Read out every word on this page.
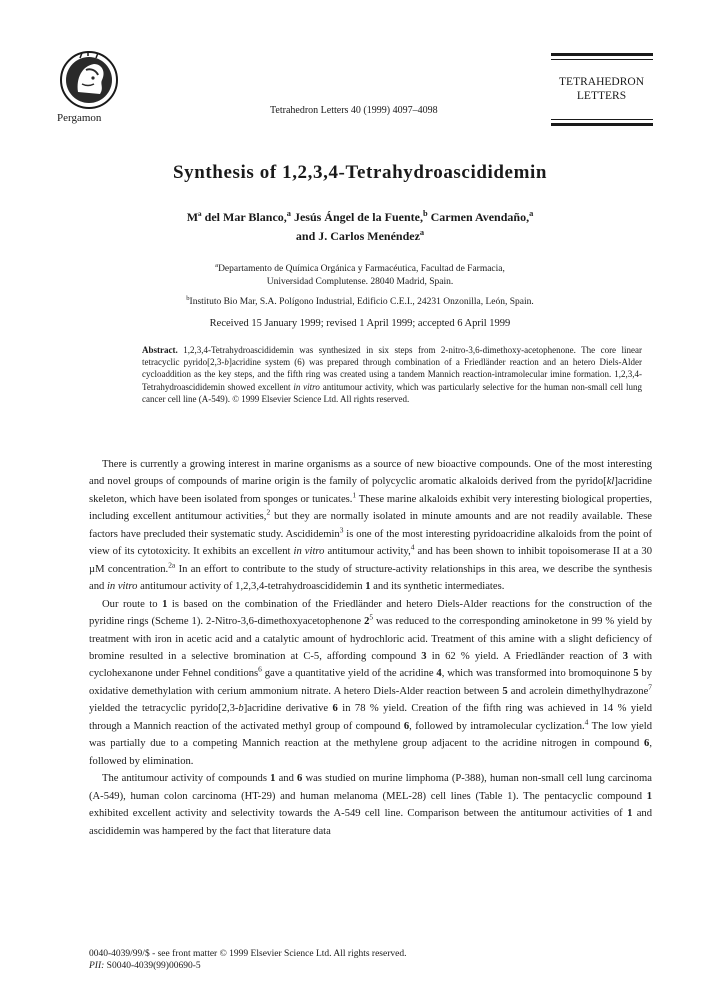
Pergamon
Tetrahedron Letters 40 (1999) 4097–4098
TETRAHEDRON
LETTERS
Synthesis of 1,2,3,4-Tetrahydroascididemin
Mª del Mar Blanco,$^a$ Jesús Ángel de la Fuente,$^b$ Carmen Avendaño,$^a$
and J. Carlos Menéndez$^a$
$^a$Departamento de Química Orgánica y Farmacéutica, Facultad de Farmacia,
Universidad Complutense. 28040 Madrid, Spain.
$^b$Instituto Bio Mar, S.A. Polígono Industrial, Edificio C.E.I., 24231 Onzonilla, León, Spain.
Received 15 January 1999; revised 1 April 1999; accepted 6 April 1999
Abstract. 1,2,3,4-Tetrahydroascididemin was synthesized in six steps from 2-nitro-3,6-dimethoxy-acetophenone. The core linear tetracyclic pyrido[2,3-b]acridine system (6) was prepared through combination of a Friedländer reaction and an hetero Diels-Alder cycloaddition as the key steps, and the fifth ring was created using a tandem Mannich reaction-intramolecular imine formation. 1,2,3,4-Tetrahydroascididemin showed excellent in vitro antitumour activity, which was particularly selective for the human non-small cell lung cancer cell line (A-549). © 1999 Elsevier Science Ltd. All rights reserved.

There is currently a growing interest in marine organisms as a source of new bioactive compounds. One of the most interesting and novel groups of compounds of marine origin is the family of polycyclic aromatic alkaloids derived from the pyrido[kl]acridine skeleton, which have been isolated from sponges or tunicates.$^1$ These marine alkaloids exhibit very interesting biological properties, including excellent antitumour activities,$^2$ but they are normally isolated in minute amounts and are not readily available. These factors have precluded their systematic study. Ascididemin$^3$ is one of the most interesting pyridoacridine alkaloids from the point of view of its cytotoxicity. It exhibits an excellent in vitro antitumour activity,$^4$ and has been shown to inhibit topoisomerase II at a 30 µM concentration.$^{2a}$ In an effort to contribute to the study of structure-activity relationships in this area, we describe the synthesis and in vitro antitumour activity of 1,2,3,4-tetrahydroascididemin 1 and its synthetic intermediates.

Our route to 1 is based on the combination of the Friedländer and hetero Diels-Alder reactions for the construction of the pyridine rings (Scheme 1). 2-Nitro-3,6-dimethoxyacetophenone $2^5$ was reduced to the corresponding aminoketone in 99 % yield by treatment with iron in acetic acid and a catalytic amount of hydrochloric acid. Treatment of this amine with a slight deficiency of bromine resulted in a selective bromination at C-5, affording compound 3 in 62 % yield. A Friedländer reaction of 3 with cyclohexanone under Fehnel conditions$^6$ gave a quantitative yield of the acridine 4, which was transformed into bromoquinone 5 by oxidative demethylation with cerium ammonium nitrate. A hetero Diels-Alder reaction between 5 and acrolein dimethylhydrazone$^7$ yielded the tetracyclic pyrido[2,3-b]acridine derivative 6 in 78 % yield. Creation of the fifth ring was achieved in 14 % yield through a Mannich reaction of the activated methyl group of compound 6, followed by intramolecular cyclization.$^4$ The low yield was partially due to a competing Mannich reaction at the methylene group adjacent to the acridine nitrogen in compound 6, followed by elimination.

The antitumour activity of compounds 1 and 6 was studied on murine limphoma (P-388), human non-small cell lung carcinoma (A-549), human colon carcinoma (HT-29) and human melanoma (MEL-28) cell lines (Table 1). The pentacyclic compound 1 exhibited excellent activity and selectivity towards the A-549 cell line. Comparison between the antitumour activities of 1 and ascididemin was hampered by the fact that literature data

0040-4039/99/$ - see front matter © 1999 Elsevier Science Ltd. All rights reserved.
PII: S0040-4039(99)00690-5
